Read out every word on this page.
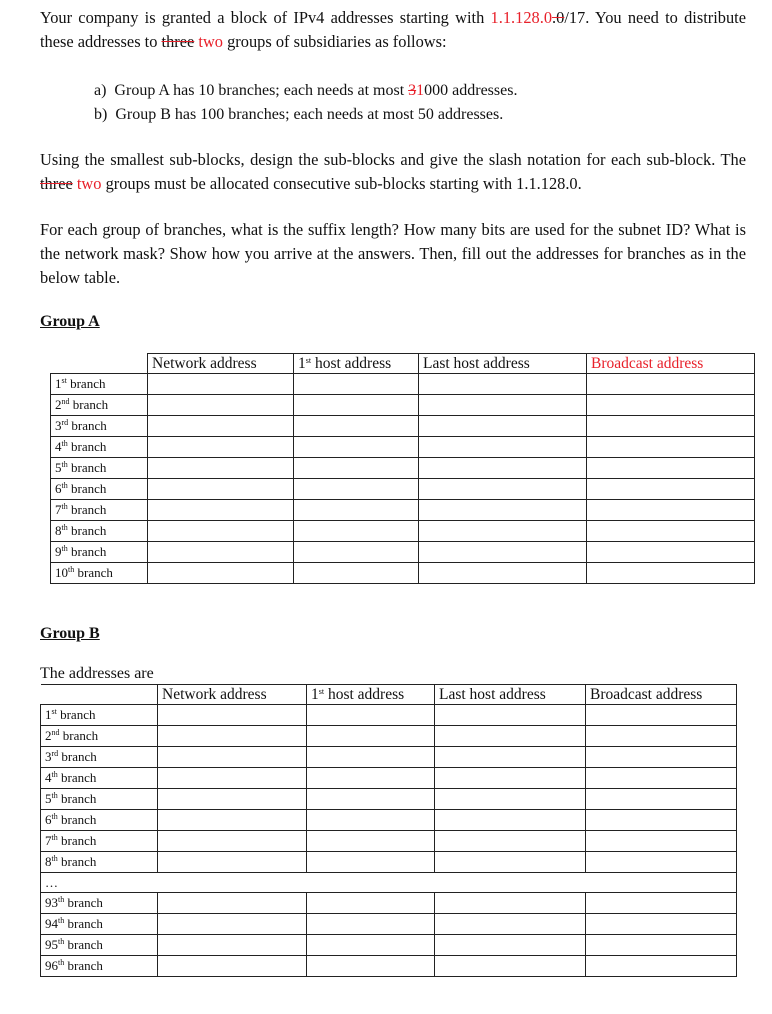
Your company is granted a block of IPv4 addresses starting with 1.1.128.0.0/17. You need to distribute these addresses to three two groups of subsidiaries as follows:

a)  Group A has 10 branches; each needs at most 31000 addresses.
b)  Group B has 100 branches; each needs at most 50 addresses.

Using the smallest sub-blocks, design the sub-blocks and give the slash notation for each sub-block. The three two groups must be allocated consecutive sub-blocks starting with 1.1.128.0.

For each group of branches, what is the suffix length? How many bits are used for the subnet ID? What is the network mask? Show how you arrive at the answers. Then, fill out the addresses for branches as in the below table.

Group A

	Network address	1st host address	Last host address	Broadcast address
1st branch				
2nd branch				
3rd branch				
4th branch				
5th branch				
6th branch				
7th branch				
8th branch				
9th branch				
10th branch				

Group B

The addresses are

	Network address	1st host address	Last host address	Broadcast address
1st branch				
2nd branch				
3rd branch				
4th branch				
5th branch				
6th branch				
7th branch				
8th branch				
…				
93th branch				
94th branch				
95th branch				
96th branch				
